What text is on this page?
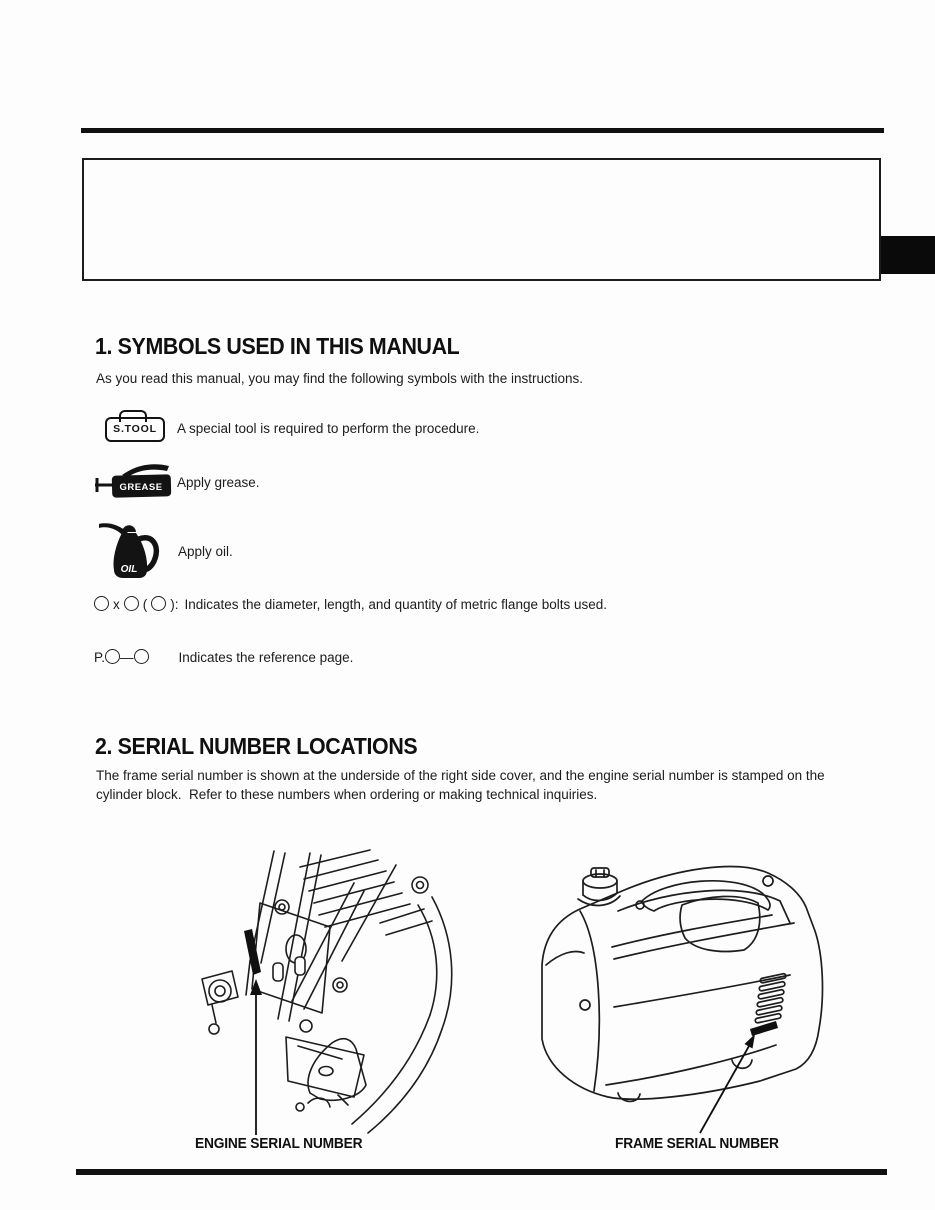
1. SYMBOLS USED IN THIS MANUAL
As you read this manual, you may find the following symbols with the instructions.
S.TOOL	A special tool is required to perform the procedure.
GREASE Apply grease.
OIL
Apply oil.
x ( ): Indicates the diameter, length, and quantity of metric flange bolts used.
P. —	Indicates the reference page.
2. SERIAL NUMBER LOCATIONS
The frame serial number is shown at the underside of the right side cover, and the engine serial number is stamped on the
cylinder block.  Refer to these numbers when ordering or making technical inquiries.
ENGINE SERIAL NUMBER	FRAME SERIAL NUMBER
